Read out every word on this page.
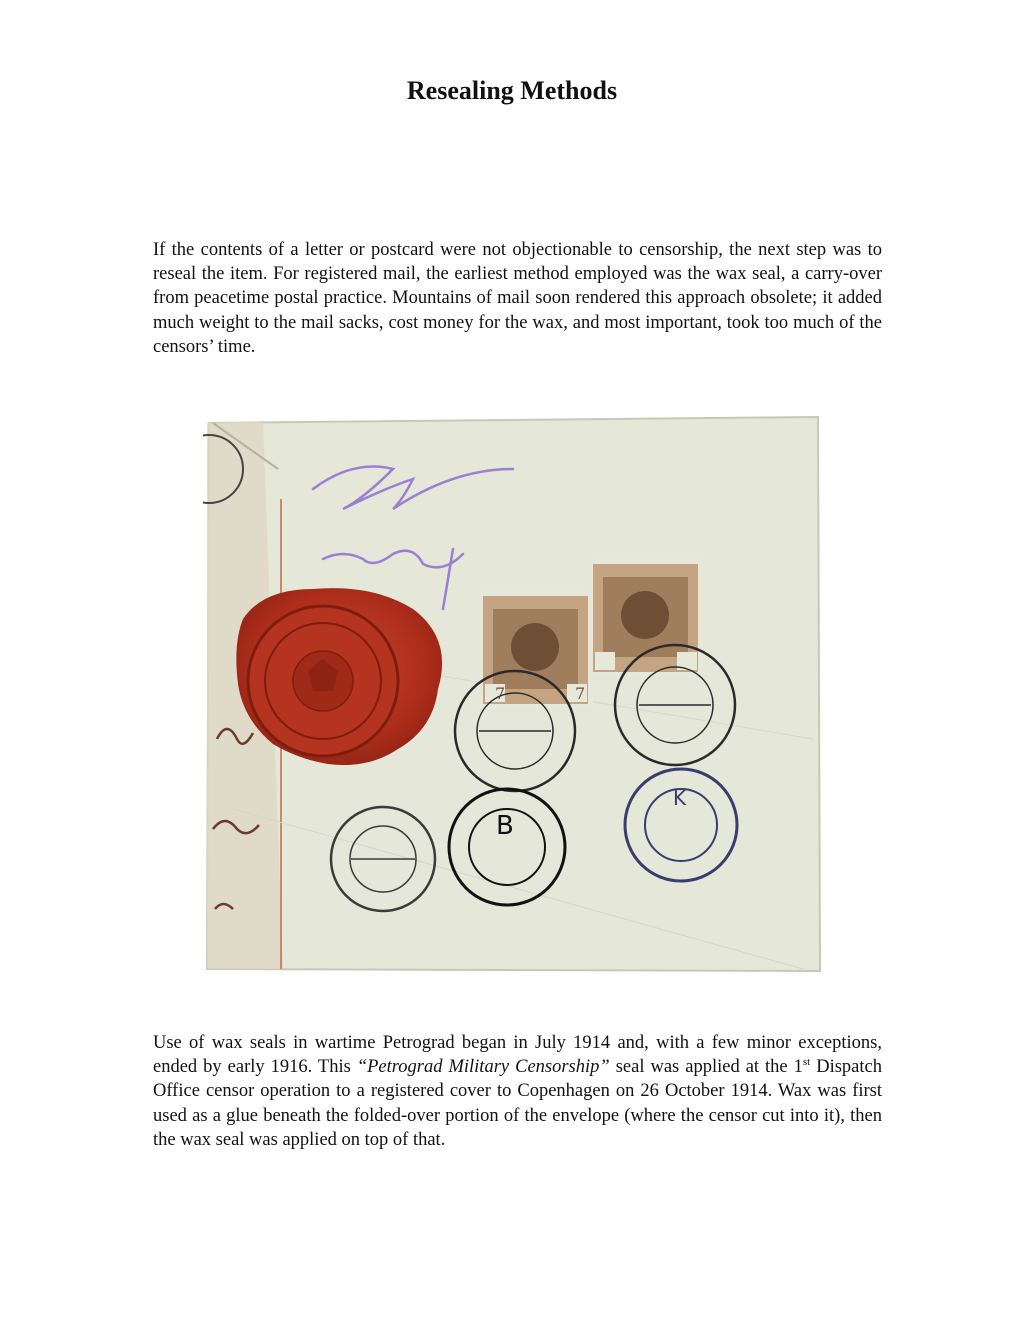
Resealing Methods

If the contents of a letter or postcard were not objectionable to censorship, the next step was to reseal the item. For registered mail, the earliest method employed was the wax seal, a carry-over from peacetime postal practice. Mountains of mail soon rendered this approach obsolete; it added much weight to the mail sacks, cost money for the wax, and most important, took too much of the censors’ time.

7	7
B
K

Use of wax seals in wartime Petrograd began in July 1914 and, with a few minor exceptions, ended by early 1916. This “Petrograd Military Censorship” seal was applied at the 1st Dispatch Office censor operation to a registered cover to Copenhagen on 26 October 1914. Wax was first used as a glue beneath the folded-over portion of the envelope (where the censor cut into it), then the wax seal was applied on top of that.
